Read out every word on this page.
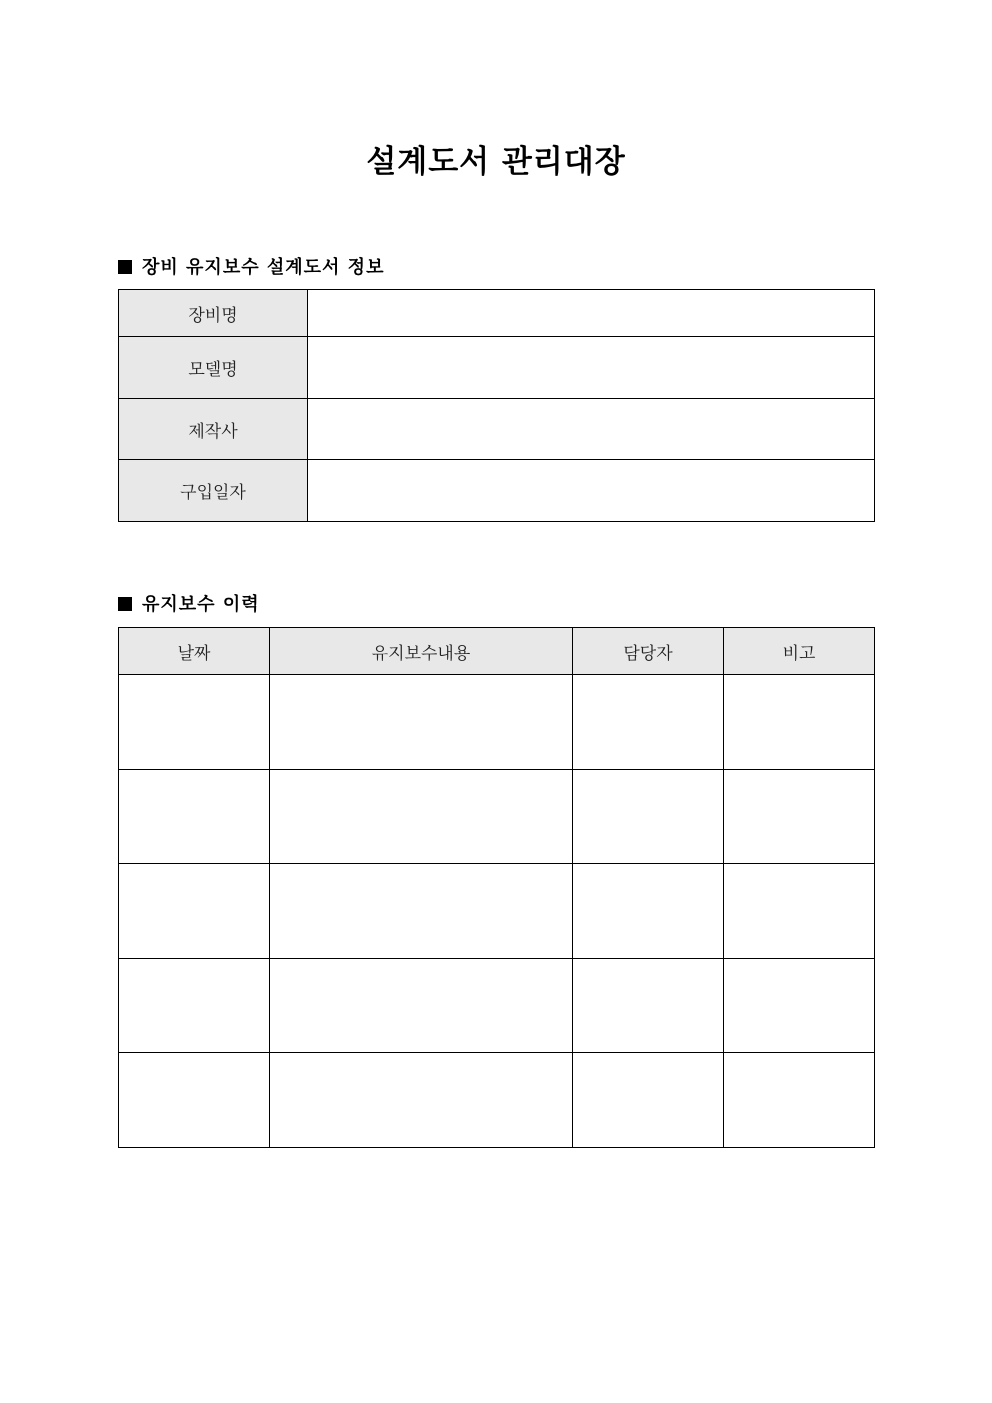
설계도서 관리대장
장비 유지보수 설계도서 정보
장비명	
모델명	
제작사	
구입일자	
유지보수 이력
날짜	유지보수내용	담당자	비고
